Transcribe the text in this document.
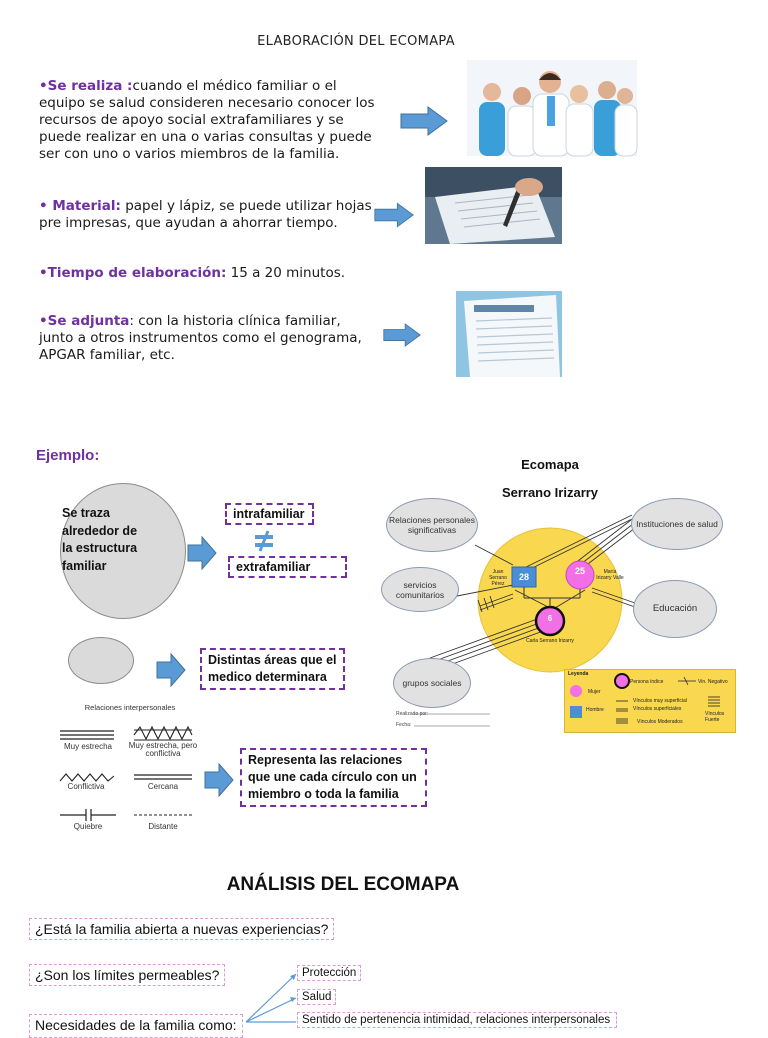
ELABORACIÓN DEL ECOMAPA
•Se realiza :cuando el médico familiar o el equipo se salud consideren necesario conocer los recursos de apoyo social extrafamiliares y se puede realizar en una o varias consultas y puede ser con uno o varios miembros de la familia.
• Material: papel y lápiz, se puede utilizar hojas pre impresas, que ayudan a ahorrar tiempo.
•Tiempo de elaboración: 15 a 20 minutos.
•Se adjunta: con la historia clínica familiar, junto a otros instrumentos como el genograma, APGAR familiar, etc.
Ejemplo:
Se traza alrededor de la estructura familiar
intrafamiliar
extrafamiliar
Distintas áreas que el medico determinara
Relaciones interpersonales
Muy estrecha	Muy estrecha, pero conflictiva
Conflictiva	Cercana
Quiebre	Distante
Representa las relaciones que une cada círculo con un miembro o toda la familia
Ecomapa
Serrano Irizarry
28
25
6
Juan Serrano Pérez
María Irizarry Valle
Carla Serrano Irizarry
Relaciones personales significativas
Instituciones de salud
servicios comunitarios
Educación
grupos sociales
Realizado por:
Fecha:
Leyenda
Mujer
Hombre
Persona índice	Vin. Negativo
Vínculos muy superficial
Vínculos superficiales
Vínculos Moderados
Vínculos Fuerte
ANÁLISIS DEL ECOMAPA
¿Está la familia abierta a nuevas experiencias?
¿Son los límites permeables?
Necesidades de la familia como:
Protección
Salud
Sentido de pertenencia intimidad, relaciones interpersonales
